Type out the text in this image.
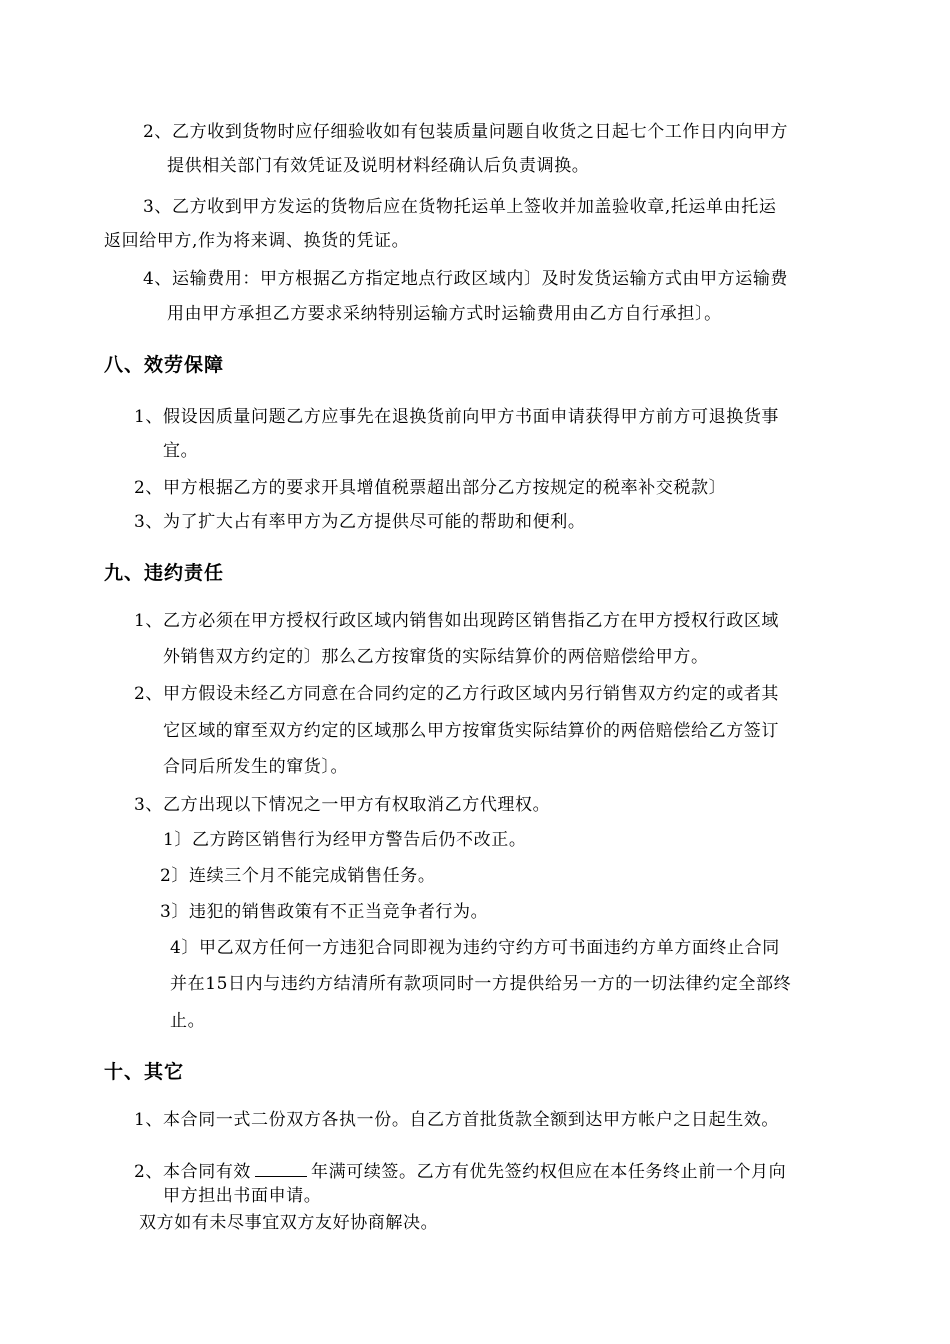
2、乙方收到货物时应仔细验收如有包装质量问题自收货之日起七个工作日内向甲方
提供相关部门有效凭证及说明材料经确认后负责调换。
3、乙方收到甲方发运的货物后应在货物托运单上签收并加盖验收章,托运单由托运
返回给甲方,作为将来调、换货的凭证。
4、运输费用：甲方根据乙方指定地点行政区域内〕及时发货运输方式由甲方运输费
用由甲方承担乙方要求采纳特别运输方式时运输费用由乙方自行承担〕。
八、效劳保障
1、假设因质量问题乙方应事先在退换货前向甲方书面申请获得甲方前方可退换货事
宜。
2、甲方根据乙方的要求开具增值税票超出部分乙方按规定的税率补交税款〕
3、为了扩大占有率甲方为乙方提供尽可能的帮助和便利。
九、违约责任
1、乙方必须在甲方授权行政区域内销售如出现跨区销售指乙方在甲方授权行政区域
外销售双方约定的〕那么乙方按窜货的实际结算价的两倍赔偿给甲方。
2、甲方假设未经乙方同意在合同约定的乙方行政区域内另行销售双方约定的或者其
它区域的窜至双方约定的区域那么甲方按窜货实际结算价的两倍赔偿给乙方签订
合同后所发生的窜货〕。
3、乙方出现以下情况之一甲方有权取消乙方代理权。
1〕乙方跨区销售行为经甲方警告后仍不改正。
2〕连续三个月不能完成销售任务。
3〕违犯的销售政策有不正当竞争者行为。
4〕甲乙双方任何一方违犯合同即视为违约守约方可书面违约方单方面终止合同
并在15日内与违约方结清所有款项同时一方提供给另一方的一切法律约定全部终
止。
十、其它
1、本合同一式二份双方各执一份。自乙方首批货款全额到达甲方帐户之日起生效。
2、本合同有效	年满可续签。乙方有优先签约权但应在本任务终止前一个月向
甲方担出书面申请。
双方如有未尽事宜双方友好协商解决。
